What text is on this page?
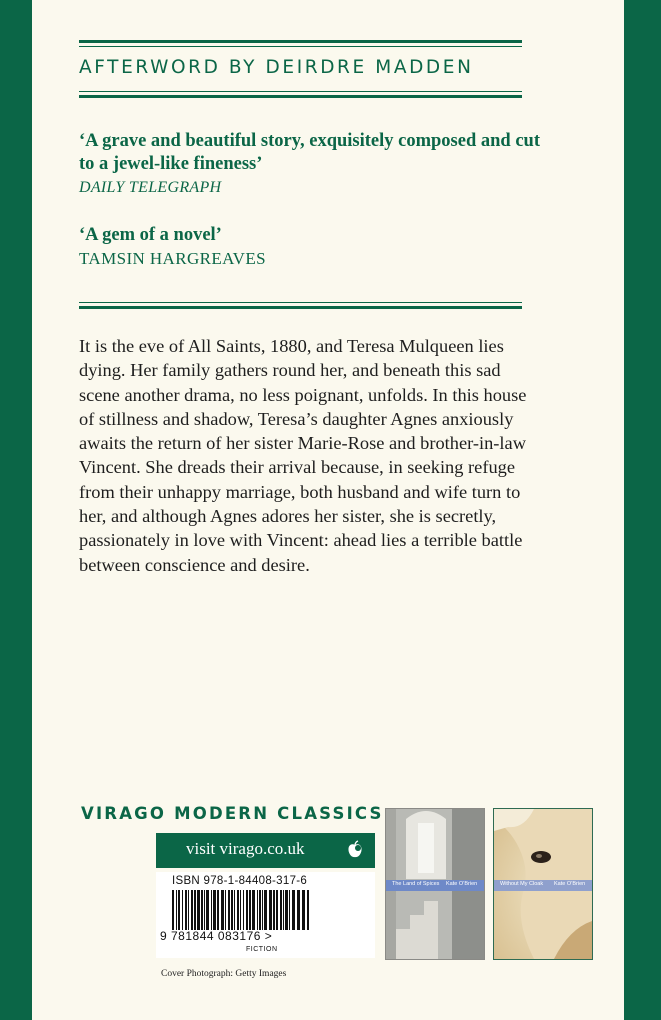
AFTERWORD BY DEIRDRE MADDEN
‘A grave and beautiful story, exquisitely composed and cut to a jewel-like fineness’
DAILY TELEGRAPH
‘A gem of a novel’
TAMSIN HARGREAVES

It is the eve of All Saints, 1880, and Teresa Mulqueen lies dying. Her family gathers round her, and beneath this sad scene another drama, no less poignant, unfolds. In this house of stillness and shadow, Teresa’s daughter Agnes anxiously awaits the return of her sister Marie-Rose and brother-in-law Vincent. She dreads their arrival because, in seeking refuge from their unhappy marriage, both husband and wife turn to her, and although Agnes adores her sister, she is secretly, passionately in love with Vincent: ahead lies a terrible battle between conscience and desire.

VIRAGO MODERN CLASSICS
visit virago.co.uk
ISBN 978-1-84408-317-6
9 781844 083176 >
FICTION
Cover Photograph: Getty Images
The Land of Spices Kate O’Brien	Without My Cloak Kate O’Brien
